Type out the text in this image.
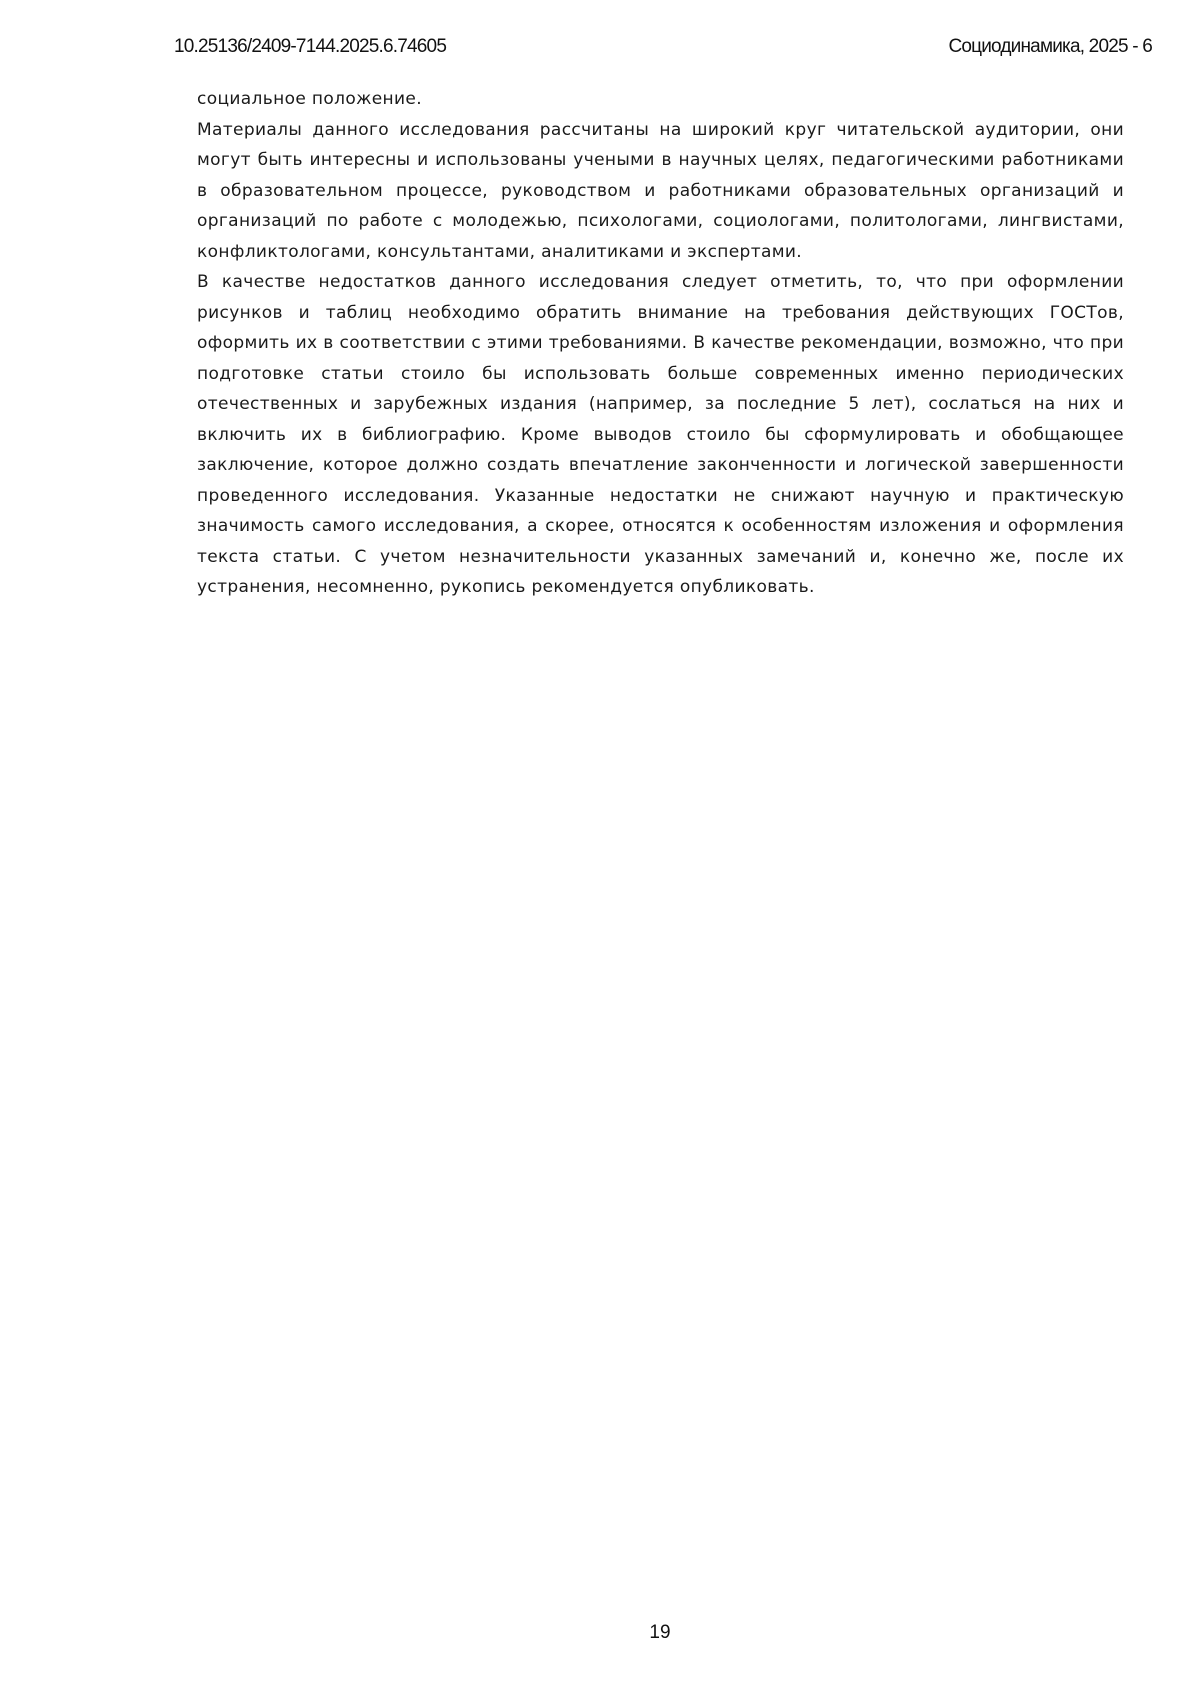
10.25136/2409-7144.2025.6.74605	Социодинамика, 2025 - 6

социальное положение.

Материалы данного исследования рассчитаны на широкий круг читательской аудитории, они могут быть интересны и использованы учеными в научных целях, педагогическими работниками в образовательном процессе, руководством и работниками образовательных организаций и организаций по работе с молодежью, психологами, социологами, политологами, лингвистами, конфликтологами, консультантами, аналитиками и экспертами.

В качестве недостатков данного исследования следует отметить, то, что при оформлении рисунков и таблиц необходимо обратить внимание на требования действующих ГОСТов, оформить их в соответствии с этими требованиями. В качестве рекомендации, возможно, что при подготовке статьи стоило бы использовать больше современных именно периодических отечественных и зарубежных издания (например, за последние 5 лет), сослаться на них и включить их в библиографию. Кроме выводов стоило бы сформулировать и обобщающее заключение, которое должно создать впечатление законченности и логической завершенности проведенного исследования. Указанные недостатки не снижают научную и практическую значимость самого исследования, а скорее, относятся к особенностям изложения и оформления текста статьи. С учетом незначительности указанных замечаний и, конечно же, после их устранения, несомненно, рукопись рекомендуется опубликовать.

19
